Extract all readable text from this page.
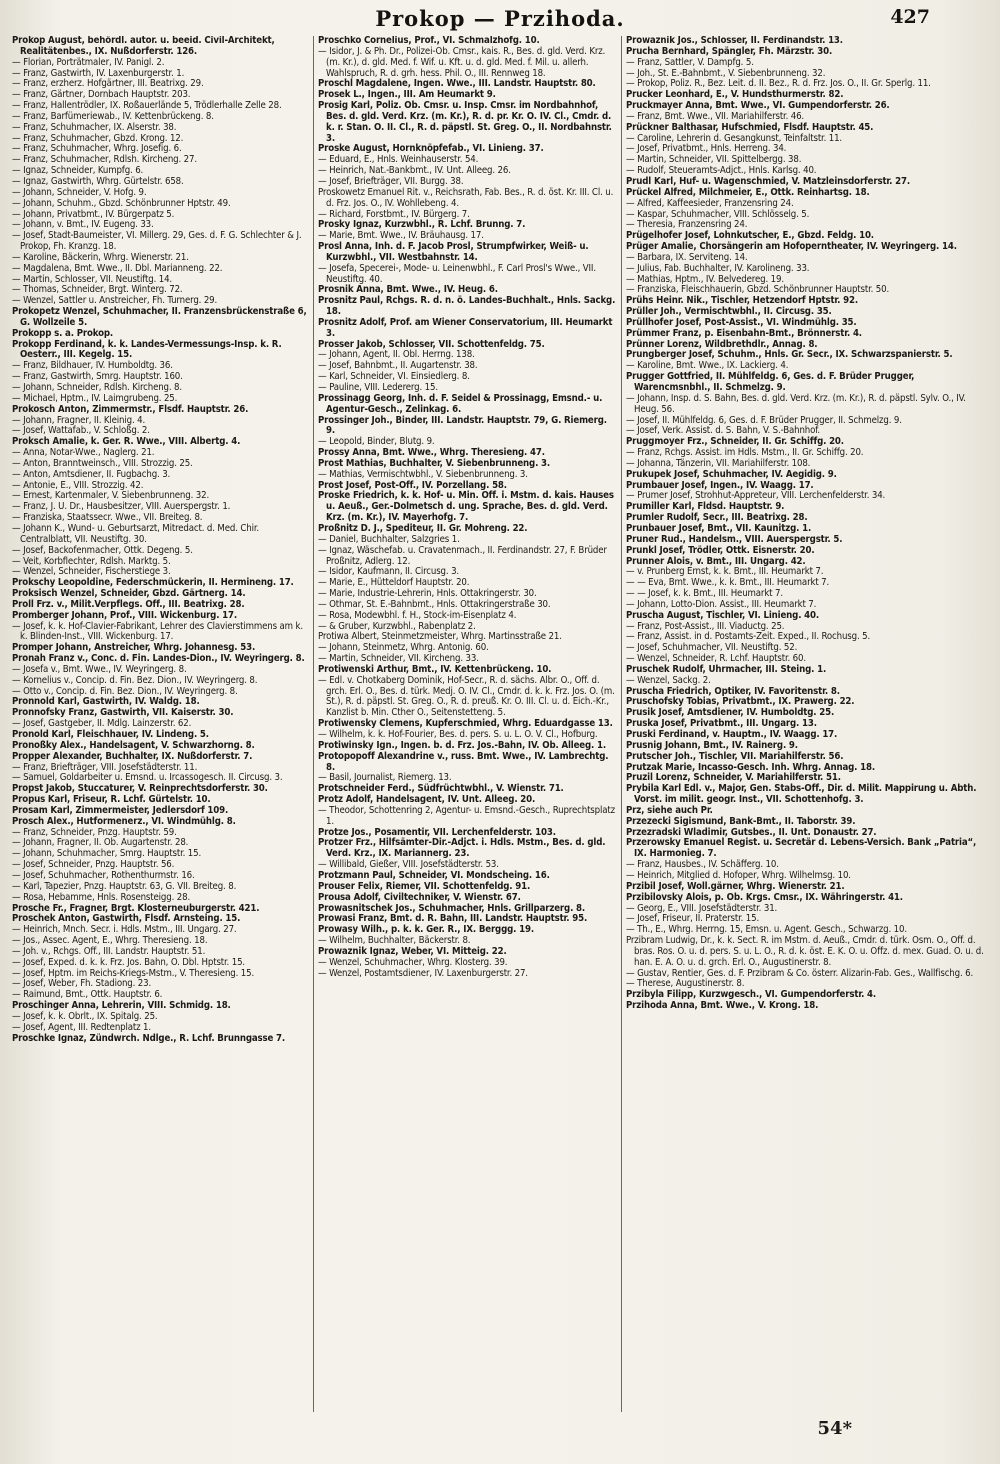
Prokop — Przihoda.	427
Prokop August, behördl. autor. u. beeid. Civil-Architekt, Realitätenbes., IX. Nußdorferstr. 126.
— Florian, Porträtmaler, IV. Panigl. 2.
— Franz, Gastwirth, IV. Laxenburgerstr. 1.
— Franz, erzherz. Hofgärtner, III. Beatrixg. 29.
— Franz, Gärtner, Dornbach Hauptstr. 203.
— Franz, Hallentrödler, IX. Roßauerlände 5, Trödlerhalle Zelle 28.
— Franz, Barfümeriewab., IV. Kettenbrückeng. 8.
— Franz, Schuhmacher, IX. Alserstr. 38.
— Franz, Schuhmacher, Gbzd. Krong. 12.
— Franz, Schuhmacher, Whrg. Josefig. 6.
— Franz, Schuhmacher, Rdlsh. Kircheng. 27.
— Ignaz, Schneider, Kumpfg. 6.
— Ignaz, Gastwirth, Whrg. Gürtelstr. 658.
— Johann, Schneider, V. Hofg. 9.
— Johann, Schuhm., Gbzd. Schönbrunner Hptstr. 49.
— Johann, Privatbmt., IV. Bürgerpatz 5.
— Johann, v. Bmt., IV. Eugeng. 33.
— Josef, Stadt-Baumeister, VI. Millerg. 29, Ges. d. F. G. Schlechter & J. Prokop, Fh. Kranzg. 18.
— Karoline, Bäckerin, Whrg. Wienerstr. 21.
— Magdalena, Bmt. Wwe., II. Dbl. Marianneng. 22.
— Martin, Schlosser, VII. Neustiftg. 14.
— Thomas, Schneider, Brgt. Winterg. 72.
— Wenzel, Sattler u. Anstreicher, Fh. Turnerg. 29.
Prokopetz Wenzel, Schuhmacher, II. Franzensbrückenstraße 6, G. Wollzeile 5.
Prokopp s. a. Prokop.
Prokopp Ferdinand, k. k. Landes-Vermessungs-Insp. k. R. Oesterr., III. Kegelg. 15.
— Franz, Bildhauer, IV. Humboldtg. 36.
— Franz, Gastwirth, Smrg. Hauptstr. 160.
— Johann, Schneider, Rdlsh. Kircheng. 8.
— Michael, Hptm., IV. Laimgrubeng. 25.
Prokosch Anton, Zimmermstr., Flsdf. Hauptstr. 26.
— Johann, Fragner, II. Kleinig. 4.
— Josef, Wattafab., V. Schloßg. 2.
Proksch Amalie, k. Ger. R. Wwe., VIII. Albertg. 4.
— Anna, Notar-Wwe., Naglerg. 21.
— Anton, Branntweinsch., VIII. Strozzig. 25.
— Anton, Amtsdiener, II. Fugbachg. 3.
— Antonie, E., VIII. Strozzig. 42.
— Ernest, Kartenmaler, V. Siebenbrunneng. 32.
— Franz, J. U. Dr., Hausbesitzer, VIII. Auerspergstr. 1.
— Franziska, Staatssecr. Wwe., VII. Breiteg. 8.
— Johann K., Wund- u. Geburtsarzt, Mitredact. d. Med. Chir. Centralblatt, VII. Neustiftg. 30.
— Josef, Backofenmacher, Ottk. Degeng. 5.
— Veit, Korbflechter, Rdlsh. Marktg. 5.
— Wenzel, Schneider, Fischerstiege 3.
Prokschy Leopoldine, Federschmückerin, II. Hermineng. 17.
Proksisch Wenzel, Schneider, Gbzd. Gärtnerg. 14.
Proll Frz. v., Milit.Verpflegs. Off., III. Beatrixg. 28.
Promberger Johann, Prof., VIII. Wickenburg. 17.
— Josef, k. k. Hof-Clavier-Fabrikant, Lehrer des Clavierstimmens am k. k. Blinden-Inst., VIII. Wickenburg. 17.
Promper Johann, Anstreicher, Whrg. Johannesg. 53.
Pronah Franz v., Conc. d. Fin. Landes-Dion., IV. Weyringerg. 8.
— Josefa v., Bmt. Wwe., IV. Weyringerg. 8.
— Kornelius v., Concip. d. Fin. Bez. Dion., IV. Weyringerg. 8.
— Otto v., Concip. d. Fin. Bez. Dion., IV. Weyringerg. 8.
Pronnold Karl, Gastwirth, IV. Waldg. 18.
Pronnofsky Franz, Gastwirth, VII. Kaiserstr. 30.
— Josef, Gastgeber, II. Mdlg. Lainzerstr. 62.
Pronold Karl, Fleischhauer, IV. Lindeng. 5.
Pronoßky Alex., Handelsagent, V. Schwarzhorng. 8.
Propper Alexander, Buchhalter, IX. Nußdorferstr. 7.
— Franz, Briefträger, VIII. Josefstädterstr. 11.
— Samuel, Goldarbeiter u. Emsnd. u. Ircassogesch. II. Circusg. 3.
Propst Jakob, Stuccaturer, V. Reinprechtsdorferstr. 30.
Propus Karl, Friseur, R. Lchf. Gürtelstr. 10.
Prosam Karl, Zimmermeister, Jedlersdorf 109.
Prosch Alex., Hutformenerz., VI. Windmühlg. 8.
— Franz, Schneider, Pnzg. Hauptstr. 59.
— Johann, Fragner, II. Ob. Augartenstr. 28.
— Johann, Schuhmacher, Smrg. Hauptstr. 15.
— Josef, Schneider, Pnzg. Hauptstr. 56.
— Josef, Schuhmacher, Rothenthurmstr. 16.
— Karl, Tapezier, Pnzg. Hauptstr. 63, G. VII. Breiteg. 8.
— Rosa, Hebamme, Hnls. Rosensteigg. 28.
Prosche Fr., Fragner, Brgt. Klosterneuburgerstr. 421.
Proschek Anton, Gastwirth, Flsdf. Arnsteing. 15.
— Heinrich, Mnch. Secr. i. Hdls. Mstm., III. Ungarg. 27.
— Jos., Assec. Agent, E., Whrg. Theresieng. 18.
— Joh. v., Rchgs. Off., III. Landstr. Hauptstr. 51.
— Josef, Exped. d. k. k. Frz. Jos. Bahn, O. Dbl. Hptstr. 15.
— Josef, Hptm. im Reichs-Kriegs-Mstm., V. Theresieng. 15.
— Josef, Weber, Fh. Stadiong. 23.
— Raimund, Bmt., Ottk. Hauptstr. 6.
Proschinger Anna, Lehrerin, VIII. Schmidg. 18.
— Josef, k. k. Obrlt., IX. Spitalg. 25.
— Josef, Agent, III. Redtenplatz 1.
Proschke Ignaz, Zündwrch. Ndlge., R. Lchf. Brunngasse 7.
Proschko Cornelius, Prof., VI. Schmalzhofg. 10.
— Isidor, J. & Ph. Dr., Polizei-Ob. Cmsr., kais. R., Bes. d. gld. Verd. Krz. (m. Kr.), d. gld. Med. f. Wif. u. Kft. u. d. gld. Med. f. Mil. u. allerh. Wahlspruch, R. d. grh. hess. Phil. O., III. Rennweg 18.
Proschl Magdalene, Ingen. Wwe., III. Landstr. Hauptstr. 80.
Prosek L., Ingen., III. Am Heumarkt 9.
Prosig Karl, Poliz. Ob. Cmsr. u. Insp. Cmsr. im Nordbahnhof, Bes. d. gld. Verd. Krz. (m. Kr.), R. d. pr. Kr. O. IV. Cl., Cmdr. d. k. r. Stan. O. II. Cl., R. d. päpstl. St. Greg. O., II. Nordbahnstr. 3.
Proske August, Hornknöpfefab., VI. Linieng. 37.
— Eduard, E., Hnls. Weinhauserstr. 54.
— Heinrich, Nat.-Bankbmt., IV. Unt. Alleeg. 26.
— Josef, Briefträger, VII. Burgg. 38.
Proskowetz Emanuel Rit. v., Reichsrath, Fab. Bes., R. d. öst. Kr. III. Cl. u. d. Frz. Jos. O., IV. Wohllebeng. 4.
— Richard, Forstbmt., IV. Bürgerg. 7.
Prosky Ignaz, Kurzwbhl., R. Lchf. Brunng. 7.
— Marie, Bmt. Wwe., IV. Bräuhausg. 17.
Prosl Anna, Inh. d. F. Jacob Prosl, Strumpfwirker, Weiß- u. Kurzwbhl., VII. Westbahnstr. 14.
— Josefa, Specerei-, Mode- u. Leinenwbhl., F. Carl Prosl's Wwe., VII. Neustiftg. 40.
Prosnik Anna, Bmt. Wwe., IV. Heug. 6.
Prosnitz Paul, Rchgs. R. d. n. ö. Landes-Buchhalt., Hnls. Sackg. 18.
Prosnitz Adolf, Prof. am Wiener Conservatorium, III. Heumarkt 3.
Prosser Jakob, Schlosser, VII. Schottenfeldg. 75.
— Johann, Agent, II. Obl. Herrng. 138.
— Josef, Bahnbmt., II. Augartenstr. 38.
— Karl, Schneider, VI. Einsiedlerg. 8.
— Pauline, VIII. Ledererg. 15.
Prossinagg Georg, Inh. d. F. Seidel & Prossinagg, Emsnd.- u. Agentur-Gesch., Zelinkag. 6.
Prossinger Joh., Binder, III. Landstr. Hauptstr. 79, G. Riemerg. 9.
— Leopold, Binder, Blutg. 9.
Prossy Anna, Bmt. Wwe., Whrg. Theresieng. 47.
Prost Mathias, Buchhalter, V. Siebenbrunneng. 3.
— Mathias, Vermischtwbhl., V. Siebenbrunneng. 3.
Prost Josef, Post-Off., IV. Porzellang. 58.
Proske Friedrich, k. k. Hof- u. Min. Off. i. Mstm. d. kais. Hauses u. Aeuß., Ger.-Dolmetsch d. ung. Sprache, Bes. d. gld. Verd. Krz. (m. Kr.), IV. Mayerhofg. 7.
Proßnitz D. J., Spediteur, II. Gr. Mohreng. 22.
— Daniel, Buchhalter, Salzgries 1.
— Ignaz, Wäschefab. u. Cravatenmach., II. Ferdinandstr. 27, F. Brüder Proßnitz, Adlerg. 12.
— Isidor, Kaufmann, II. Circusg. 3.
— Marie, E., Hütteldorf Hauptstr. 20.
— Marie, Industrie-Lehrerin, Hnls. Ottakringerstr. 30.
— Othmar, St. E.-Bahnbmt., Hnls. Ottakringerstraße 30.
— Rosa, Modewbhl. f. H., Stock-im-Eisenplatz 4.
— & Gruber, Kurzwbhl., Rabenplatz 2.
Protiwa Albert, Steinmetzmeister, Whrg. Martinsstraße 21.
— Johann, Steinmetz, Whrg. Antonig. 60.
— Martin, Schneider, VII. Kircheng. 33.
Protiwenski Arthur, Bmt., IV. Kettenbrückeng. 10.
— Edl. v. Chotkaberg Dominik, Hof-Secr., R. d. sächs. Albr. O., Off. d. grch. Erl. O., Bes. d. türk. Medj. O. IV. Cl., Cmdr. d. k. k. Frz. Jos. O. (m. St.), R. d. päpstl. St. Greg. O., R. d. preuß. Kr. O. III. Cl. u. d. Eich.-Kr., Kanzlist b. Min. Cther O., Seitenstetteng. 5.
Protiwensky Clemens, Kupferschmied, Whrg. Eduardgasse 13.
— Wilhelm, k. k. Hof-Fourier, Bes. d. pers. S. u. L. O. V. Cl., Hofburg.
Protiwinsky Ign., Ingen. b. d. Frz. Jos.-Bahn, IV. Ob. Alleeg. 1.
Protopopoff Alexandrine v., russ. Bmt. Wwe., IV. Lambrechtg. 8.
— Basil, Journalist, Riemerg. 13.
Protschneider Ferd., Südfrüchtwbhl., V. Wienstr. 71.
Protz Adolf, Handelsagent, IV. Unt. Alleeg. 20.
— Theodor, Schottenring 2, Agentur- u. Emsnd.-Gesch., Ruprechtsplatz 1.
Protze Jos., Posamentir, VII. Lerchenfelderstr. 103.
Protzer Frz., Hilfsämter-Dir.-Adjct. i. Hdls. Mstm., Bes. d. gld. Verd. Krz., IX. Mariannerg. 23.
— Willibald, Gießer, VIII. Josefstädterstr. 53.
Protzmann Paul, Schneider, VI. Mondscheing. 16.
Prouser Felix, Riemer, VII. Schottenfeldg. 91.
Prousa Adolf, Civiltechniker, V. Wienstr. 67.
Prowasnitschek Jos., Schuhmacher, Hnls. Grillparzerg. 8.
Prowasi Franz, Bmt. d. R. Bahn, III. Landstr. Hauptstr. 95.
Prowasy Wilh., p. k. k. Ger. R., IX. Berggg. 19.
— Wilhelm, Buchhalter, Bäckerstr. 8.
Prowaznik Ignaz, Weber, VI. Mitteig. 22.
— Wenzel, Schuhmacher, Whrg. Klosterg. 39.
— Wenzel, Postamtsdiener, IV. Laxenburgerstr. 27.
Prowaznik Jos., Schlosser, II. Ferdinandstr. 13.
Prucha Bernhard, Spängler, Fh. Märzstr. 30.
— Franz, Sattler, V. Dampfg. 5.
— Joh., St. E.-Bahnbmt., V. Siebenbrunneng. 32.
— Prokop, Poliz. R., Bez. Leit. d. II. Bez., R. d. Frz. Jos. O., II. Gr. Sperlg. 11.
Prucker Leonhard, E., V. Hundsthurmerstr. 82.
Pruckmayer Anna, Bmt. Wwe., VI. Gumpendorferstr. 26.
— Franz, Bmt. Wwe., VII. Mariahilferstr. 46.
Prückner Balthasar, Hufschmied, Flsdf. Hauptstr. 45.
— Caroline, Lehrerin d. Gesangkunst, Teinfaltstr. 11.
— Josef, Privatbmt., Hnls. Herreng. 34.
— Martin, Schneider, VII. Spittelbergg. 38.
— Rudolf, Steueramts-Adjct., Hnls. Karlsg. 40.
Prudl Karl, Huf- u. Wagenschmied, V. Matzleinsdorferstr. 27.
Prückel Alfred, Milchmeier, E., Ottk. Reinhartsg. 18.
— Alfred, Kaffeesieder, Franzensring 24.
— Kaspar, Schuhmacher, VIII. Schlösselg. 5.
— Theresia, Franzensring 24.
Prügelhofer Josef, Lohnkutscher, E., Gbzd. Feldg. 10.
Prüger Amalie, Chorsängerin am Hofoperntheater, IV. Weyringerg. 14.
— Barbara, IX. Serviteng. 14.
— Julius, Fab. Buchhalter, IV. Karolineng. 33.
— Mathias, Hptm., IV. Belvedereg. 19.
— Franziska, Fleischhauerin, Gbzd. Schönbrunner Hauptstr. 50.
Prühs Heinr. Nik., Tischler, Hetzendorf Hptstr. 92.
Prüller Joh., Vermischtwbhl., II. Circusg. 35.
Prüllhofer Josef, Post-Assist., VI. Windmühlg. 35.
Prümmer Franz, p. Eisenbahn-Bmt., Brönnerstr. 4.
Prünner Lorenz, Wildbrethdlr., Annag. 8.
Prungberger Josef, Schuhm., Hnls. Gr. Secr., IX. Schwarzspanierstr. 5.
— Karoline, Bmt. Wwe., IX. Lackierg. 4.
Prugger Gottfried, II. Mühlfeldg. 6, Ges. d. F. Brüder Prugger, Warencmsnbhl., II. Schmelzg. 9.
— Johann, Insp. d. S. Bahn, Bes. d. gld. Verd. Krz. (m. Kr.), R. d. päpstl. Sylv. O., IV. Heug. 56.
— Josef, II. Mühlfeldg. 6, Ges. d. F. Brüder Prugger, II. Schmelzg. 9.
— Josef, Verk. Assist. d. S. Bahn, V. S.-Bahnhof.
Pruggmoyer Frz., Schneider, II. Gr. Schiffg. 20.
— Franz, Rchgs. Assist. im Hdls. Mstm., II. Gr. Schiffg. 20.
— Johanna, Tänzerin, VII. Mariahilferstr. 108.
Prukupek Josef, Schuhmacher, IV. Aegidig. 9.
Prumbauer Josef, Ingen., IV. Waagg. 17.
— Prumer Josef, Strohhut-Appreteur, VIII. Lerchenfelderstr. 34.
Prumiller Karl, Fldsd. Hauptstr. 9.
Prumler Rudolf, Secr., III. Beatrixg. 28.
Prunbauer Josef, Bmt., VII. Kaunitzg. 1.
Pruner Rud., Handelsm., VIII. Auerspergstr. 5.
Prunkl Josef, Trödler, Ottk. Eisnerstr. 20.
Prunner Alois, v. Bmt., III. Ungarg. 42.
— v. Prunberg Ernst, k. k. Bmt., III. Heumarkt 7.
— — Eva, Bmt. Wwe., k. k. Bmt., III. Heumarkt 7.
— — Josef, k. k. Bmt., III. Heumarkt 7.
— Johann, Lotto-Dion. Assist., III. Heumarkt 7.
Pruscha August, Tischler, VI. Linieng. 40.
— Franz, Post-Assist., III. Viaductg. 25.
— Franz, Assist. in d. Postamts-Zeit. Exped., II. Rochusg. 5.
— Josef, Schuhmacher, VII. Neustiftg. 52.
— Wenzel, Schneider, R. Lchf. Hauptstr. 60.
Pruschek Rudolf, Uhrmacher, III. Steing. 1.
— Wenzel, Sackg. 2.
Pruscha Friedrich, Optiker, IV. Favoritenstr. 8.
Pruschofsky Tobias, Privatbmt., IX. Prawerg. 22.
Prusik Josef, Amtsdiener, IV. Humboldtg. 25.
Pruska Josef, Privatbmt., III. Ungarg. 13.
Pruski Ferdinand, v. Hauptm., IV. Waagg. 17.
Prusnig Johann, Bmt., IV. Rainerg. 9.
Prutscher Joh., Tischler, VII. Mariahilferstr. 56.
Prutzak Marie, Incasso-Gesch. Inh. Whrg. Annag. 18.
Pruzil Lorenz, Schneider, V. Mariahilferstr. 51.
Prybila Karl Edl. v., Major, Gen. Stabs-Off., Dir. d. Milit. Mappirung u. Abth. Vorst. im milit. geogr. Inst., VII. Schottenhofg. 3.
Prz, siehe auch Pr.
Przezecki Sigismund, Bank-Bmt., II. Taborstr. 39.
Przezradski Wladimir, Gutsbes., II. Unt. Donaustr. 27.
Przerowsky Emanuel Regist. u. Secretär d. Lebens-Versich. Bank „Patria“, IX. Harmonieg. 7.
— Franz, Hausbes., IV. Schäfferg. 10.
— Heinrich, Mitglied d. Hofoper, Whrg. Wilhelmsg. 10.
Przibil Josef, Woll.gärner, Whrg. Wienerstr. 21.
Przibilovsky Alois, p. Ob. Krgs. Cmsr., IX. Währingerstr. 41.
— Georg, E., VIII. Josefstädterstr. 31.
— Josef, Friseur, II. Praterstr. 15.
— Th., E., Whrg. Herrng. 15, Emsn. u. Agent. Gesch., Schwarzg. 10.
Przibram Ludwig, Dr., k. k. Sect. R. im Mstm. d. Aeuß., Cmdr. d. türk. Osm. O., Off. d. bras. Ros. O. u. d. pers. S. u. L. O., R. d. k. öst. E. K. O. u. Offz. d. mex. Guad. O. u. d. han. E. A. O. u. d. grch. Erl. O., Augustinerstr. 8.
— Gustav, Rentier, Ges. d. F. Przibram & Co. österr. Alizarin-Fab. Ges., Wallfischg. 6.
— Therese, Augustinerstr. 8.
Przibyla Filipp, Kurzwgesch., VI. Gumpendorferstr. 4.
Przihoda Anna, Bmt. Wwe., V. Krong. 18.
54*
